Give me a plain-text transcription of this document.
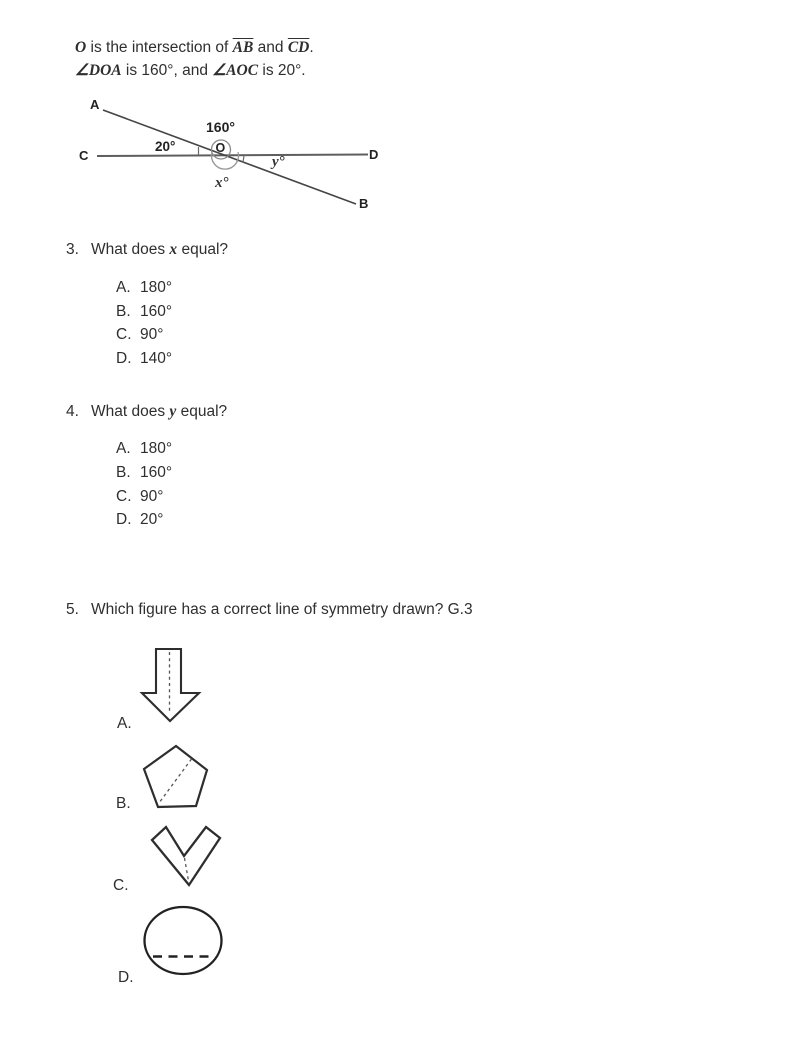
O is the intersection of $\overline{AB}$ and $\overline{CD}$.
∠DOA is 160°, and ∠AOC is 20°.
A
C	D
B
O
160°
20°
y°
x°
3. What does x equal?
A. 180°
B. 160°
C. 90°
D. 140°
4. What does y equal?
A. 180°
B. 160°
C. 90°
D. 20°
5. Which figure has a correct line of symmetry drawn? G.3
A.
B.
C.
D.
